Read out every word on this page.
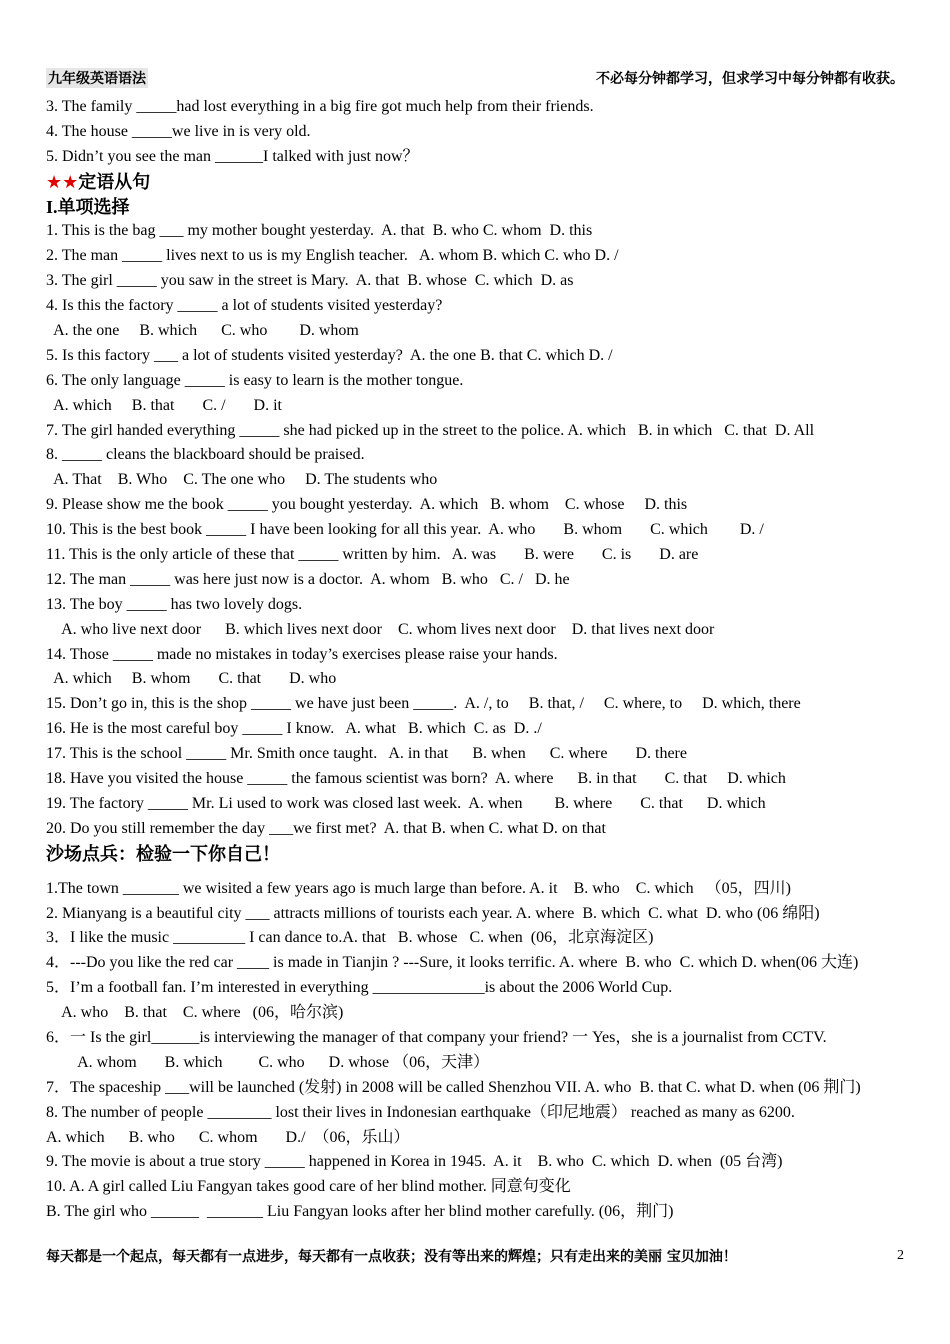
九年级英语语法	不必每分钟都学习，但求学习中每分钟都有收获。
3. The family _____had lost everything in a big fire got much help from their friends.
4. The house _____we live in is very old.
5. Didn’t you see the man ______I talked with just now？
★★定语从句
I.单项选择
1. This is the bag ___ my mother bought yesterday.  A. that  B. who C. whom  D. this
2. The man _____ lives next to us is my English teacher.   A. whom B. which C. who D. /
3. The girl _____ you saw in the street is Mary.  A. that  B. whose  C. which  D. as
4. Is this the factory _____ a lot of students visited yesterday?
A. the one     B. which      C. who        D. whom
5. Is this factory ___ a lot of students visited yesterday?  A. the one B. that C. which D. /
6. The only language _____ is easy to learn is the mother tongue.
A. which     B. that       C. /       D. it
7. The girl handed everything _____ she had picked up in the street to the police. A. which   B. in which   C. that  D. All
8. _____ cleans the blackboard should be praised.
A. That    B. Who    C. The one who     D. The students who
9. Please show me the book _____ you bought yesterday.  A. which   B. whom    C. whose     D. this
10. This is the best book _____ I have been looking for all this year.  A. who       B. whom       C. which        D. /
11. This is the only article of these that _____ written by him.   A. was       B. were       C. is       D. are
12. The man _____ was here just now is a doctor.  A. whom   B. who   C. /   D. he
13. The boy _____ has two lovely dogs.
A. who live next door      B. which lives next door    C. whom lives next door    D. that lives next door
14. Those _____ made no mistakes in today’s exercises please raise your hands.
A. which     B. whom       C. that       D. who
15. Don’t go in, this is the shop _____ we have just been _____.  A. /, to     B. that, /     C. where, to     D. which, there
16. He is the most careful boy _____ I know.   A. what   B. which  C. as  D. ./
17. This is the school _____ Mr. Smith once taught.   A. in that      B. when      C. where       D. there
18. Have you visited the house _____ the famous scientist was born?  A. where      B. in that       C. that     D. which
19. The factory _____ Mr. Li used to work was closed last week.  A. when        B. where       C. that      D. which
20. Do you still remember the day ___we first met?  A. that B. when C. what D. on that
沙场点兵：检验一下你自己！
1.The town _______ we wisited a few years ago is much large than before. A. it    B. who    C. which   （05，四川)
2. Mianyang is a beautiful city ___ attracts millions of tourists each year. A. where  B. which  C. what  D. who (06 绵阳)
3．I like the music _________ I can dance to.A. that   B. whose   C. when  (06，北京海淀区)
4．---Do you like the red car ____ is made in Tianjin ? ---Sure, it looks terrific. A. where  B. who  C. which D. when(06 大连)
5．I’m a football fan. I’m interested in everything ______________is about the 2006 World Cup.
A. who    B. that    C. where   (06，哈尔滨)
6．一 Is the girl______is interviewing the manager of that company your friend? 一 Yes，she is a journalist from CCTV.
A. whom       B. which         C. who      D. whose （06，天津）
7．The spaceship ___will be launched (发射) in 2008 will be called Shenzhou VII. A. who  B. that C. what D. when (06 荆门)
8. The number of people ________ lost their lives in Indonesian earthquake（印尼地震） reached as many as 6200.
A. which      B. who      C. whom       D./  （06，乐山）
9. The movie is about a true story _____ happened in Korea in 1945.  A. it    B. who  C. which  D. when  (05 台湾)
10. A. A girl called Liu Fangyan takes good care of her blind mother. 同意句变化
B. The girl who ______  _______ Liu Fangyan looks after her blind mother carefully. (06，荆门)
每天都是一个起点，每天都有一点进步，每天都有一点收获；没有等出来的辉煌；只有走出来的美丽 宝贝加油！	2
